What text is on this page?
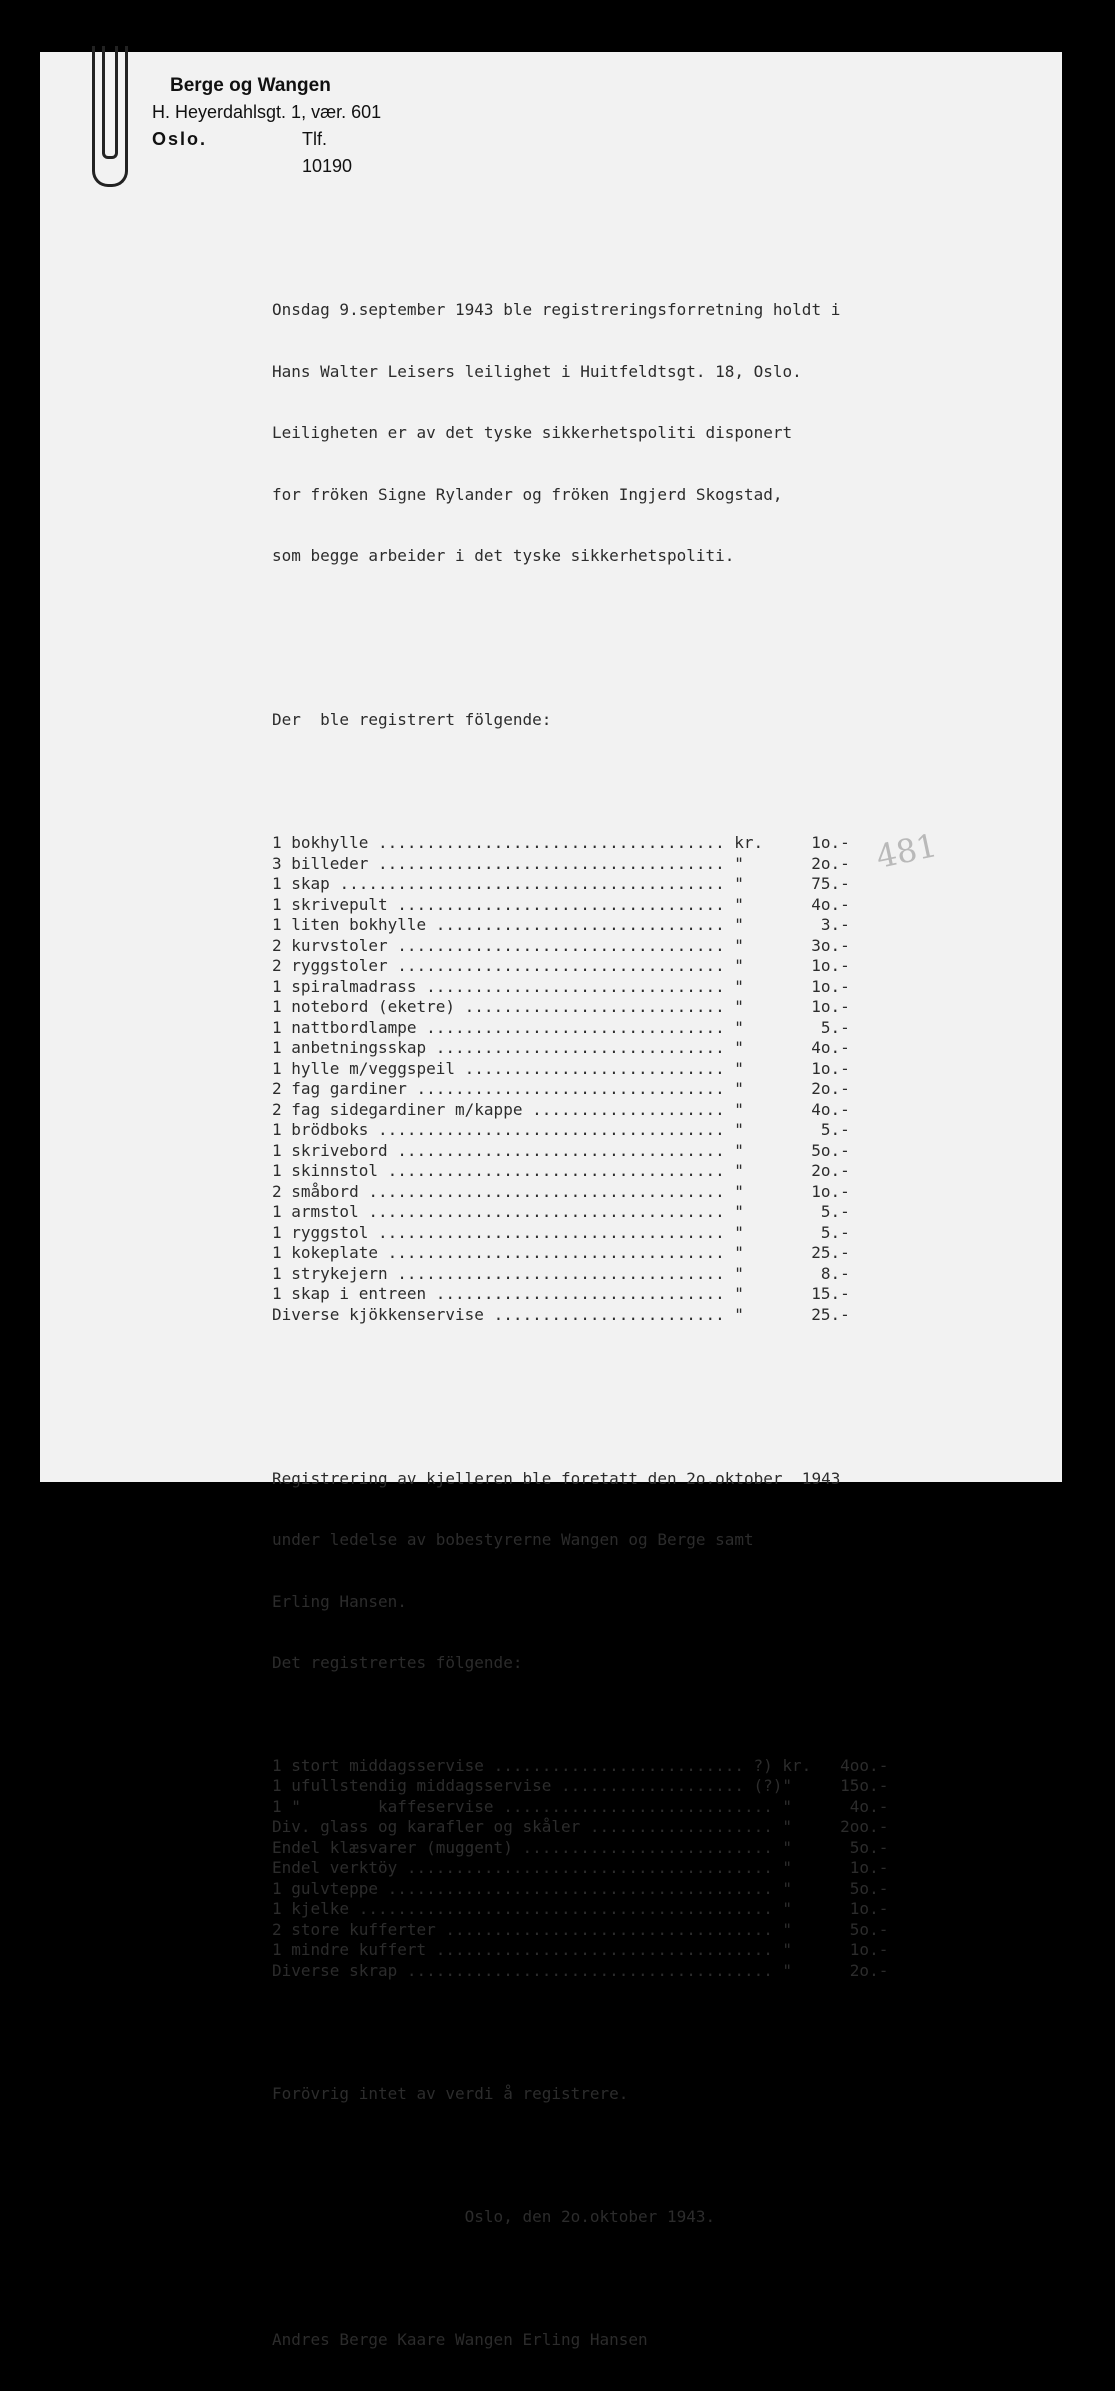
Berge og Wangen
H. Heyerdahlsgt. 1, vær. 601
Oslo.	Tlf. 10190

Onsdag 9.september 1943 ble registreringsforretning holdt i

Hans Walter Leisers leilighet i Huitfeldtsgt. 18, Oslo.

Leiligheten er av det tyske sikkerhetspoliti disponert

for fröken Signe Rylander og fröken Ingjerd Skogstad,

som begge arbeider i det tyske sikkerhetspoliti.

Der  ble registrert fölgende:

1 bokhylle .................................... kr.	1o.-
3 billeder .................................... "	2o.-
1 skap ........................................ "	75.-
1 skrivepult .................................. "	4o.-
1 liten bokhylle .............................. "	3.-
2 kurvstoler .................................. "	3o.-
2 ryggstoler .................................. "	1o.-
1 spiralmadrass ............................... "	1o.-
1 notebord (eketre) ........................... "	1o.-
1 nattbordlampe ............................... "	5.-
1 anbetningsskap .............................. "	4o.-
1 hylle m/veggspeil ........................... "	1o.-
2 fag gardiner ................................ "	2o.-
2 fag sidegardiner m/kappe .................... "	4o.-
1 brödboks .................................... "	5.-
1 skrivebord .................................. "	5o.-
1 skinnstol ................................... "	2o.-
2 småbord ..................................... "	1o.-
1 armstol ..................................... "	5.-
1 ryggstol .................................... "	5.-
1 kokeplate ................................... "	25.-
1 strykejern .................................. "	8.-
1 skap i entreen .............................. "	15.-
Diverse kjökkenservise ........................ "	25.-

Registrering av kjelleren ble foretatt den 2o.oktober  1943

under ledelse av bobestyrerne Wangen og Berge samt

Erling Hansen.

Det registrertes fölgende:

1 stort middagsservise .......................... ?) kr. 4oo.-
1 ufullstendig middagsservise ................... (?) "	15o.-
1 "        kaffeservise ............................ "	4o.-
Div. glass og karafler og skåler ................... "	2oo.-
Endel klæsvarer (muggent) .......................... "	5o.-
Endel verktöy ...................................... "	1o.-
1 gulvteppe ........................................ "	5o.-
1 kjelke ........................................... "	1o.-
2 store kufferter .................................. "	5o.-
1 mindre kuffert ................................... "	1o.-
Diverse skrap ...................................... "	2o.-

Forövrig intet av verdi å registrere.

Oslo, den 2o.oktober 1943.

Andres Berge Kaare Wangen Erling Hansen

481
